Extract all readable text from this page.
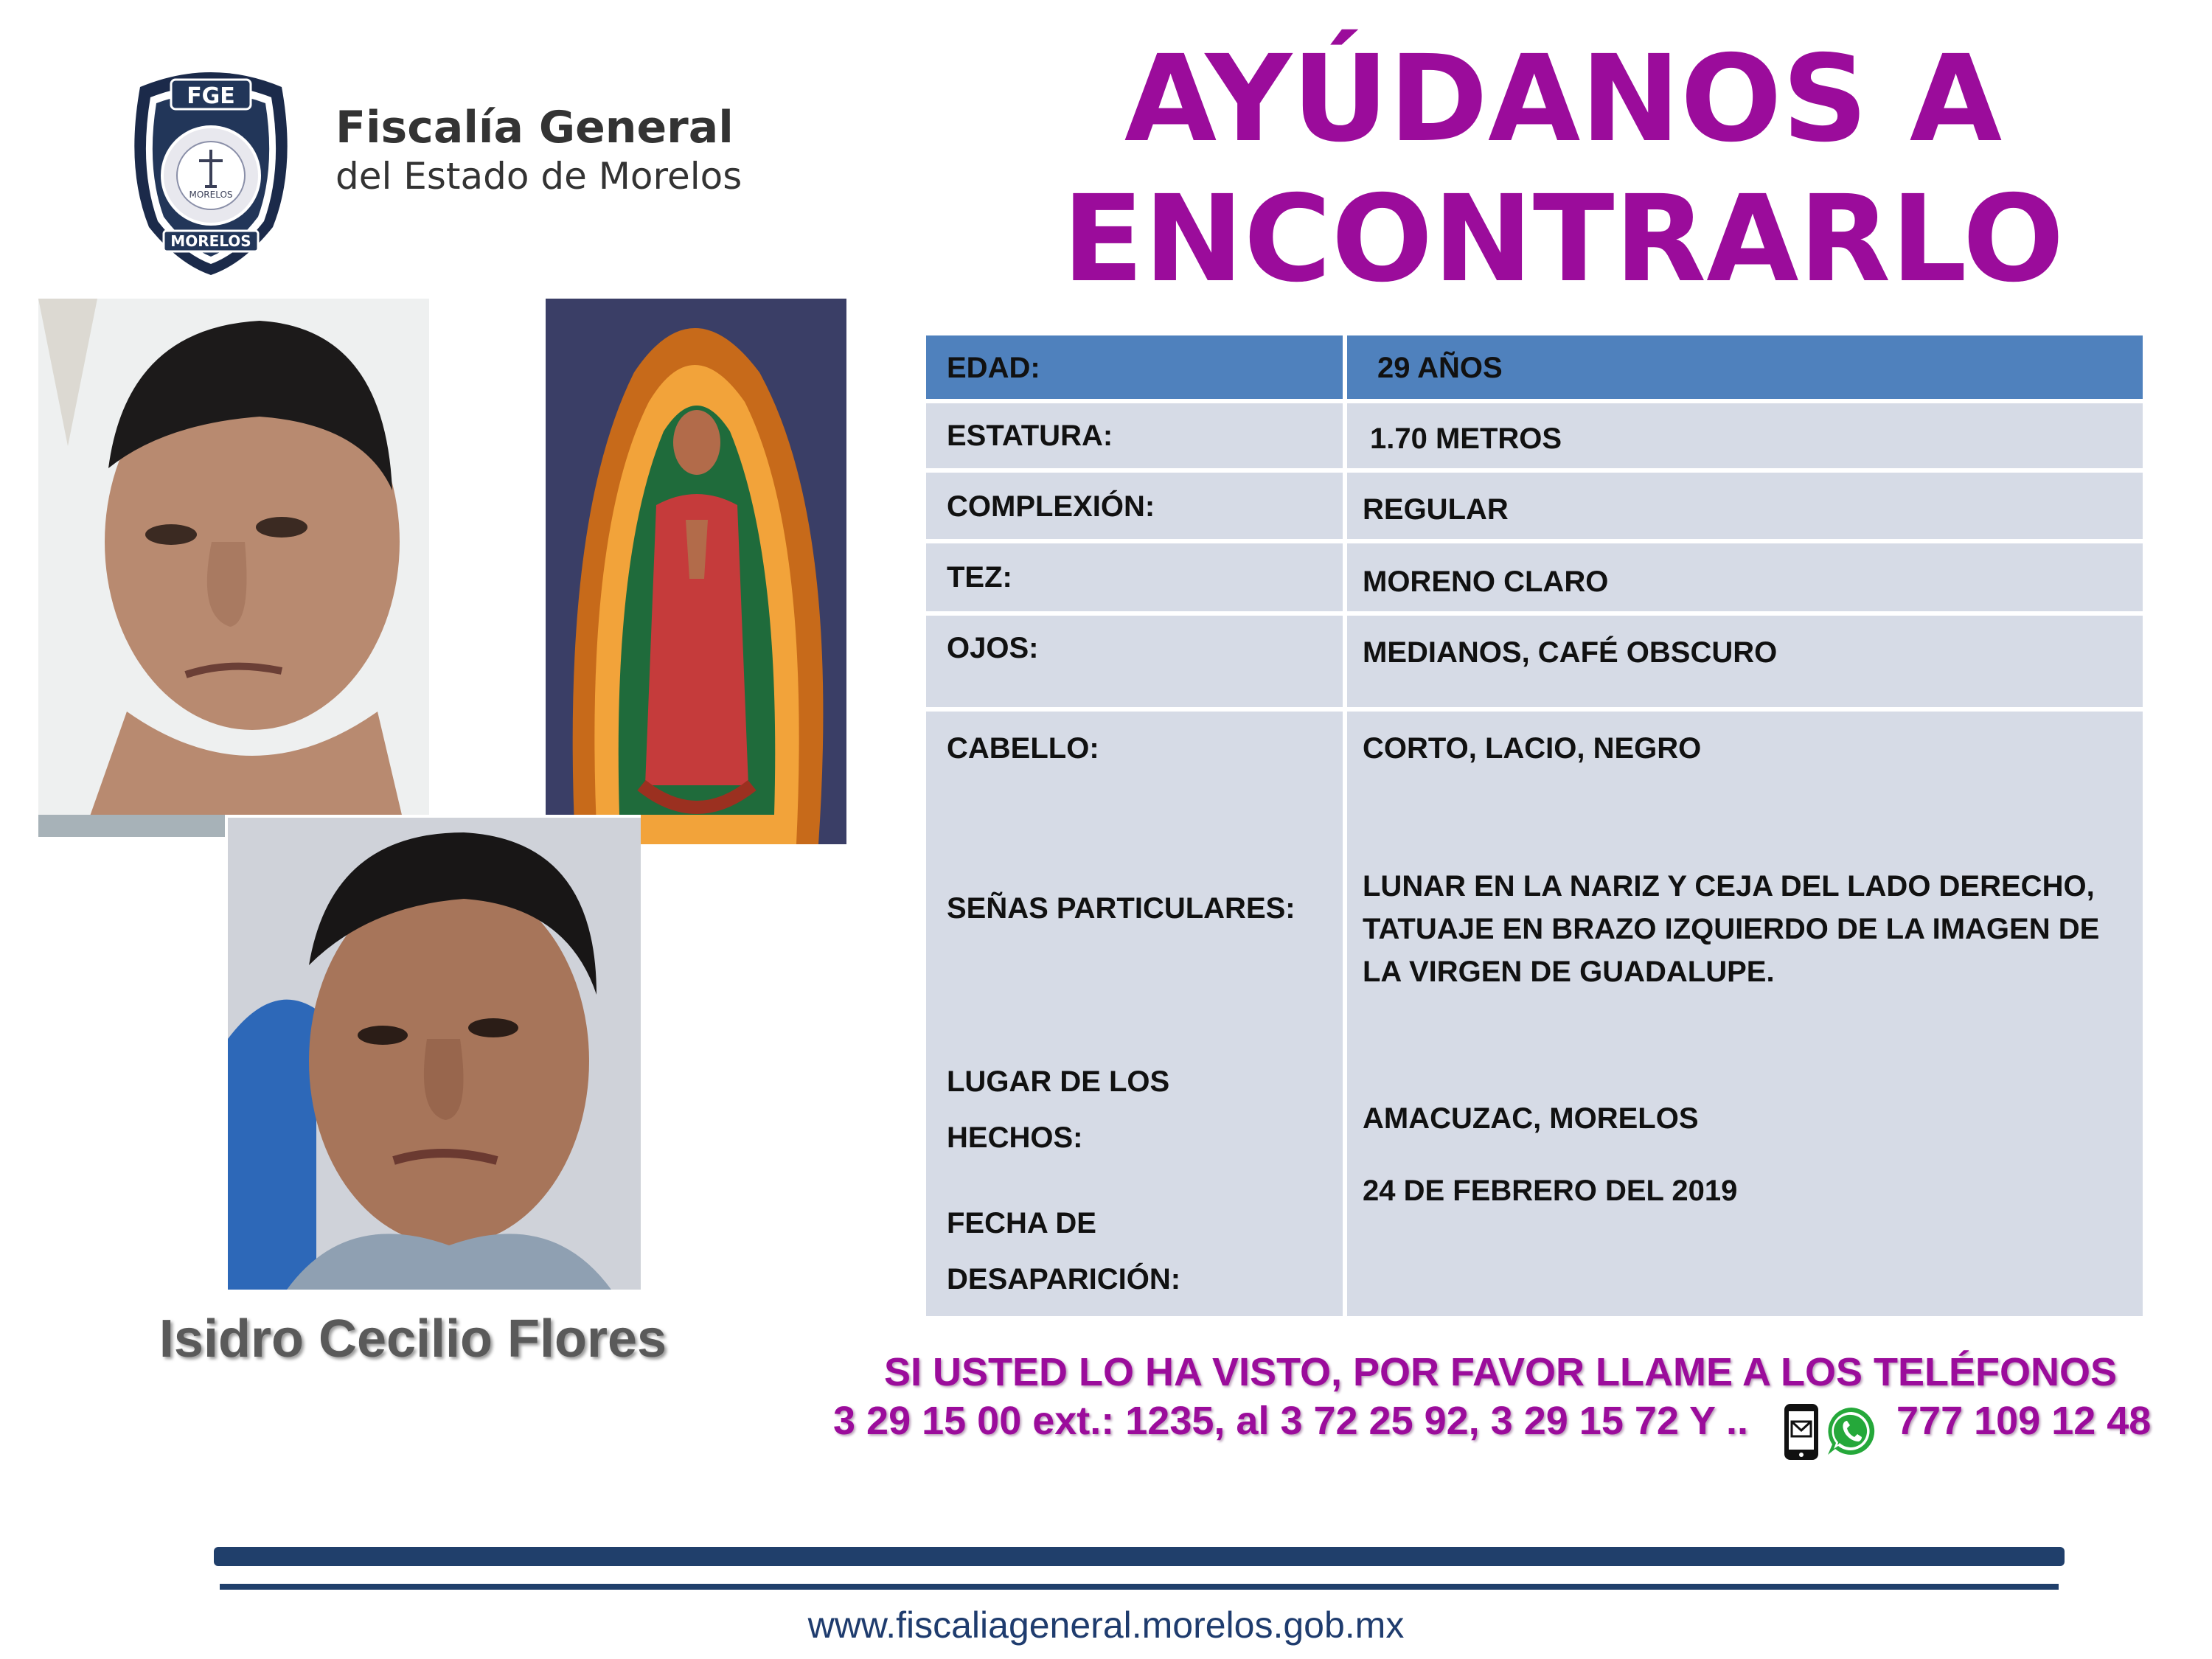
FGE
MORELOS
MORELOS
Fiscalía General
del Estado de Morelos
AYÚDANOS A
ENCONTRARLO
Isidro Cecilio Flores
EDAD:	29 AÑOS
ESTATURA:	1.70 METROS
COMPLEXIÓN:	REGULAR
TEZ:	MORENO CLARO
OJOS:	MEDIANOS, CAFÉ OBSCURO
CABELLO:	CORTO, LACIO, NEGRO
SEÑAS PARTICULARES:
LUNAR EN LA NARIZ Y CEJA DEL LADO DERECHO, TATUAJE EN BRAZO IZQUIERDO DE LA IMAGEN DE LA VIRGEN DE GUADALUPE.
LUGAR DE LOS
HECHOS:
AMACUZAC, MORELOS
FECHA DE
DESAPARICIÓN:
24 DE FEBRERO DEL 2019
SI USTED LO HA VISTO, POR FAVOR LLAME A LOS TELÉFONOS
3 29 15 00 ext.: 1235, al 3 72 25 92, 3 29 15 72 Y ..	777 109 12 48
www.fiscaliageneral.morelos.gob.mx
